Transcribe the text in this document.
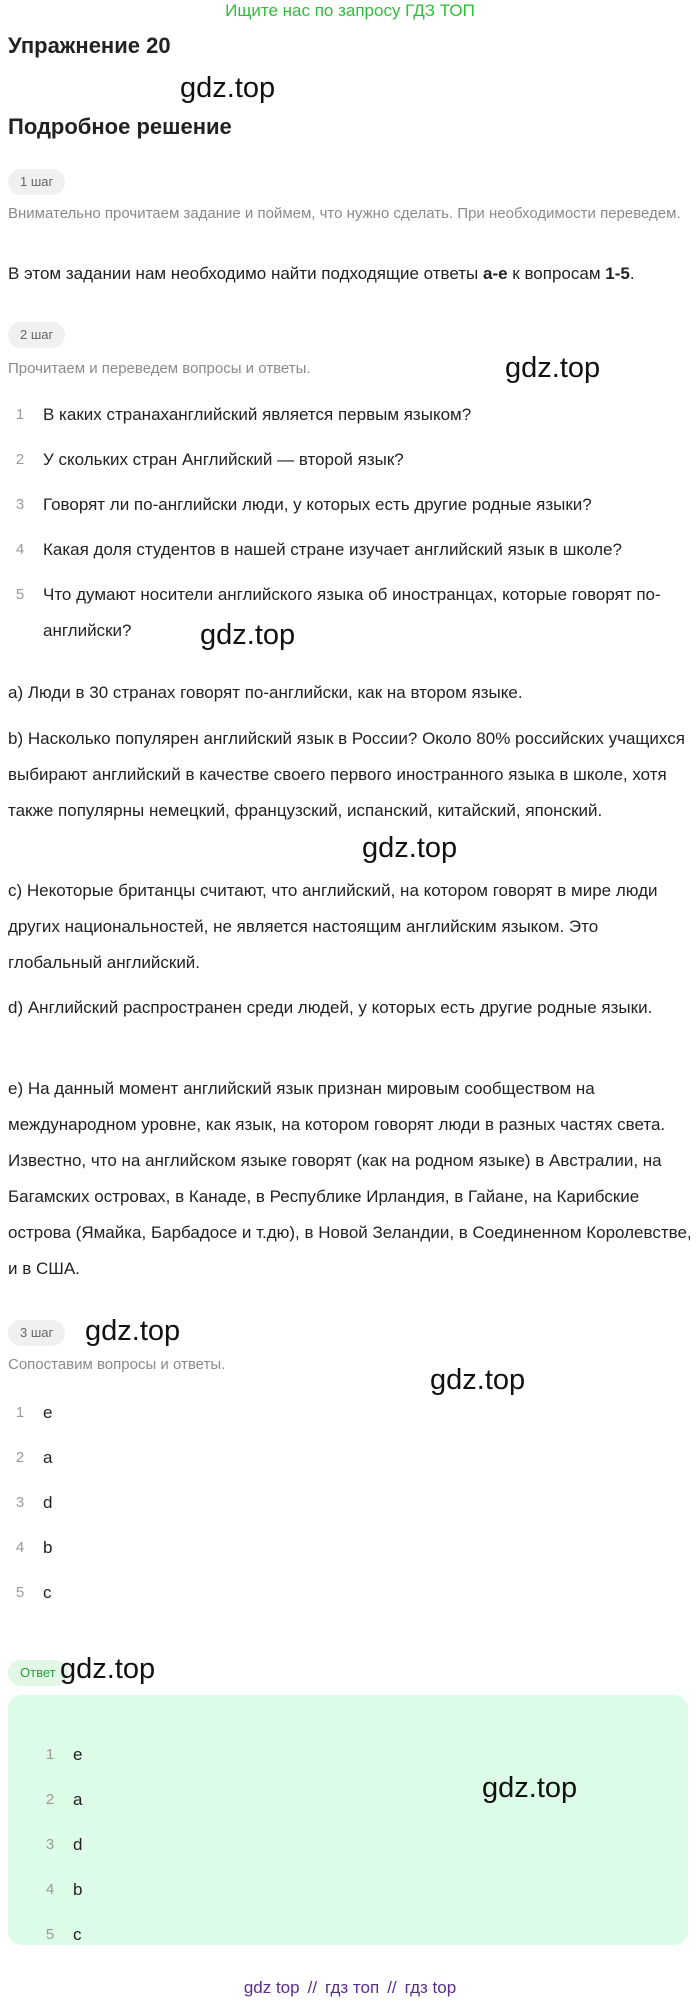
Ищите нас по запросу ГДЗ ТОП
Упражнение 20
gdz.top
Подробное решение
1 шаг

Внимательно прочитаем задание и поймем, что нужно сделать. При необходимости переведем.

В этом задании нам необходимо найти подходящие ответы a-e к вопросам 1-5.

2 шаг

Прочитаем и переведем вопросы и ответы.	gdz.top
1	В каких странаханглийский является первым языком?
2	У скольких стран Английский — второй язык?
3	Говорят ли по-английски люди, у которых есть другие родные языки?
4	Какая доля студентов в нашей стране изучает английский язык в школе?
5	Что думают носители английского языка об иностранцах, которые говорят по-английски?	gdz.top

a) Люди в 30 странах говорят по-английски, как на втором языке.

b) Насколько популярен английский язык в России? Около 80% российских учащихся выбирают английский в качестве своего первого иностранного языка в школе, хотя также популярны немецкий, французский, испанский, китайский, японский.

gdz.top

c) Некоторые британцы считают, что английский, на котором говорят в мире люди других национальностей, не является настоящим английским языком. Это глобальный английский.

d) Английский распространен среди людей, у которых есть другие родные языки.

e) На данный момент английский язык признан мировым сообществом на международном уровне, как язык, на котором говорят люди в разных частях света. Известно, что на английском языке говорят (как на родном языке) в Австралии, на Багамских островах, в Канаде, в Республике Ирландия, в Гайане, на Карибские острова (Ямайка, Барбадосе и т.дю), в Новой Зеландии, в Соединенном Королевстве, и в США.

3 шаг	gdz.top

Сопоставим вопросы и ответы.	gdz.top
1	e
2	a
3	d
4	b
5	c
Ответ gdz.top
1	e
2	a
3	d
4	b
5	c
gdz.top
gdz top // гдз топ // гдз top
